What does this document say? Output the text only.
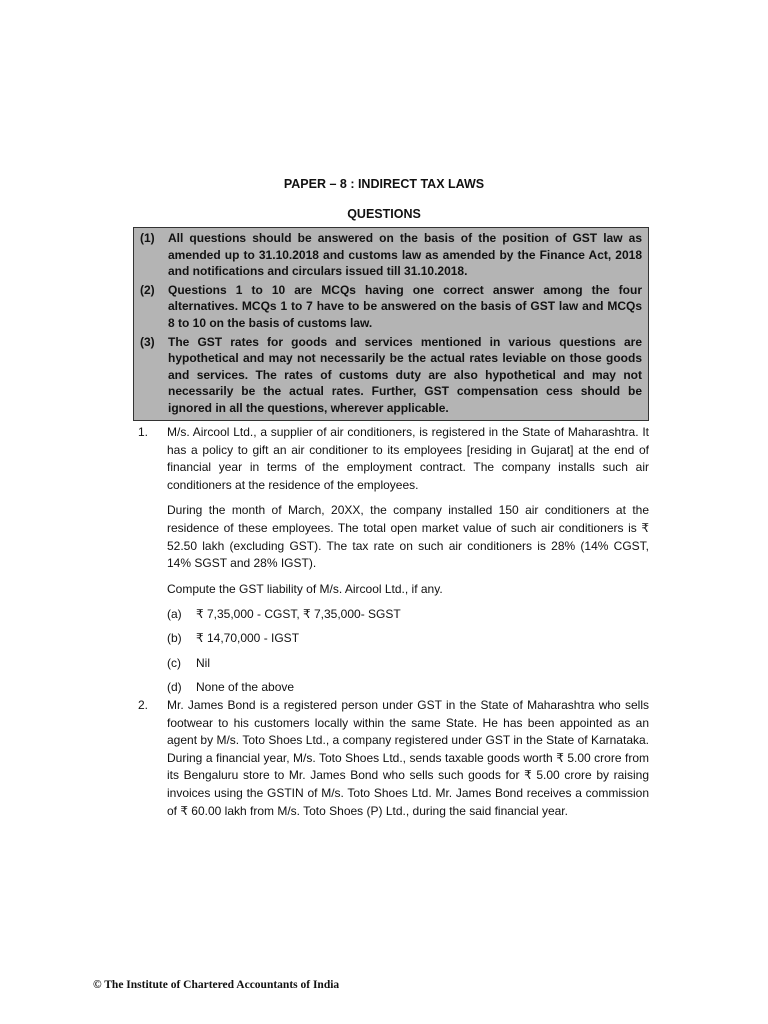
PAPER – 8 : INDIRECT TAX LAWS
QUESTIONS
(1)	All questions should be answered on the basis of the position of GST law as amended up to 31.10.2018 and customs law as amended by the Finance Act, 2018 and notifications and circulars issued till 31.10.2018.
(2)	Questions 1 to 10 are MCQs having one correct answer among the four alternatives. MCQs 1 to 7 have to be answered on the basis of GST law and MCQs 8 to 10 on the basis of customs law.
(3)	The GST rates for goods and services mentioned in various questions are hypothetical and may not necessarily be the actual rates leviable on those goods and services. The rates of customs duty are also hypothetical and may not necessarily be the actual rates. Further, GST compensation cess should be ignored in all the questions, wherever applicable.
1. M/s. Aircool Ltd., a supplier of air conditioners, is registered in the State of Maharashtra. It has a policy to gift an air conditioner to its employees [residing in Gujarat] at the end of financial year in terms of the employment contract. The company installs such air conditioners at the residence of the employees.

During the month of March, 20XX, the company installed 150 air conditioners at the residence of these employees. The total open market value of such air conditioners is ₹ 52.50 lakh (excluding GST). The tax rate on such air conditioners is 28% (14% CGST, 14% SGST and 28% IGST).

Compute the GST liability of M/s. Aircool Ltd., if any.

(a)	₹ 7,35,000 - CGST, ₹ 7,35,000- SGST
(b)	₹ 14,70,000 - IGST
(c)	Nil
(d)	None of the above
2. Mr. James Bond is a registered person under GST in the State of Maharashtra who sells footwear to his customers locally within the same State. He has been appointed as an agent by M/s. Toto Shoes Ltd., a company registered under GST in the State of Karnataka. During a financial year, M/s. Toto Shoes Ltd., sends taxable goods worth ₹ 5.00 crore from its Bengaluru store to Mr. James Bond who sells such goods for ₹ 5.00 crore by raising invoices using the GSTIN of M/s. Toto Shoes Ltd. Mr. James Bond receives a commission of ₹ 60.00 lakh from M/s. Toto Shoes (P) Ltd., during the said financial year.

© The Institute of Chartered Accountants of India
